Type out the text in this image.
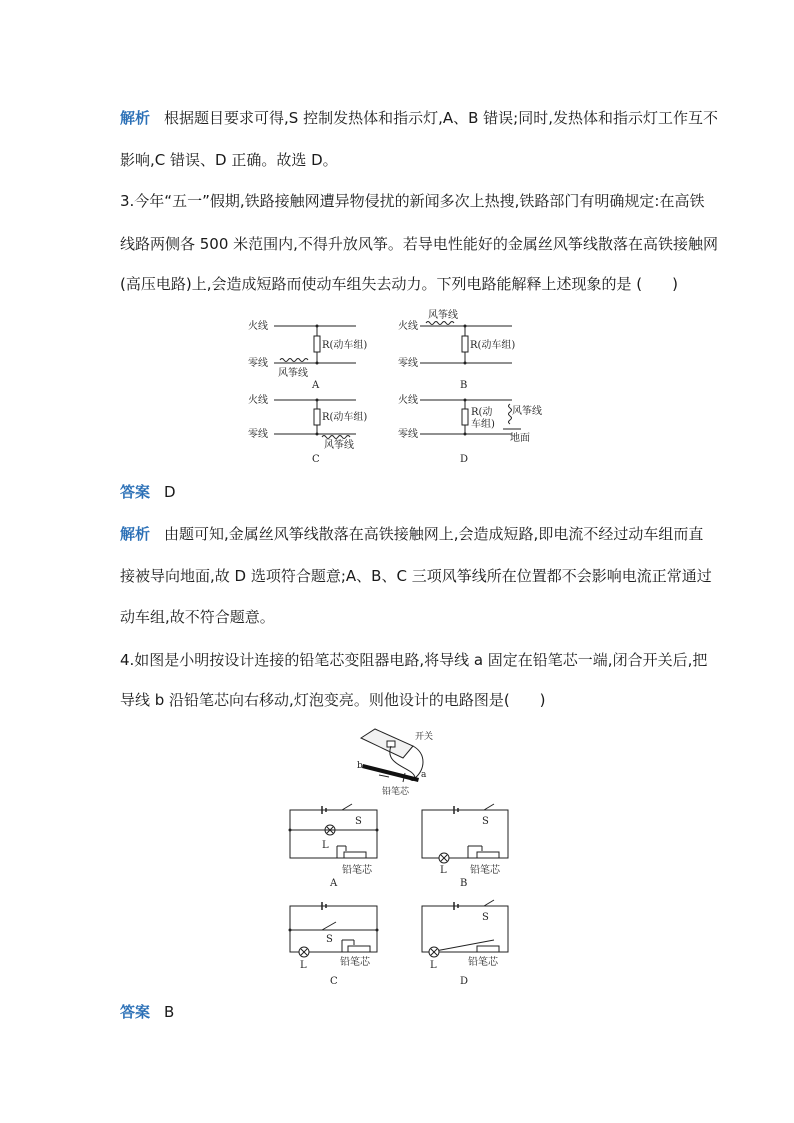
解析 根据题目要求可得,S 控制发热体和指示灯,A、B 错误;同时,发热体和指示灯工作互不
影响,C 错误、D 正确。故选 D。
3.今年“五一”假期,铁路接触网遭异物侵扰的新闻多次上热搜,铁路部门有明确规定:在高铁
线路两侧各 500 米范围内,不得升放风筝。若导电性能好的金属丝风筝线散落在高铁接触网
(高压电路)上,会造成短路而使动车组失去动力。下列电路能解释上述现象的是 (　　)
火线
零线
R(动车组)
风筝线
A
火线
零线
R(动车组)
风筝线
B
火线
零线
R(动车组)
风筝线
C
火线
零线
R(动
车组)
风筝线
地面
D
答案 D
解析 由题可知,金属丝风筝线散落在高铁接触网上,会造成短路,即电流不经过动车组而直
接被导向地面,故 D 选项符合题意;A、B、C 三项风筝线所在位置都不会影响电流正常通过
动车组,故不符合题意。
4.如图是小明按设计连接的铅笔芯变阻器电路,将导线 a 固定在铅笔芯一端,闭合开关后,把
导线 b 沿铅笔芯向右移动,灯泡变亮。则他设计的电路图是(　　)
开关
b
a
铅笔芯
S
L
铅笔芯
A
S
L 铅笔芯
B
S
L	铅笔芯
C
S
L	铅笔芯
D
答案 B
